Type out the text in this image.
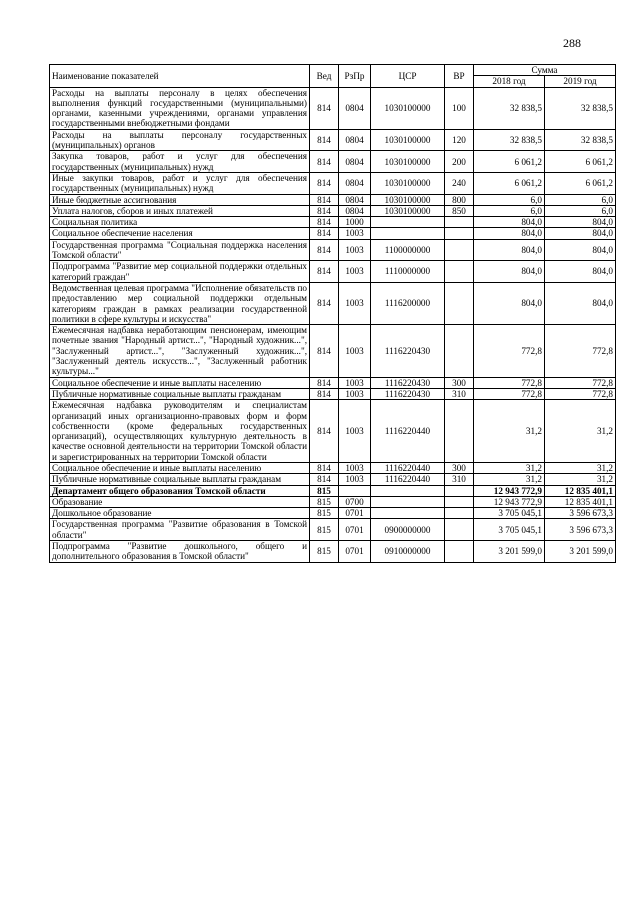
288
Наименование показателей	Вед	РзПр	ЦСР	ВР	Сумма	
					2018 год	2019 год
Расходы на выплаты персоналу в целях обеспечения выполнения функций государственными (муниципальными) органами, казенными учреждениями, органами управления государственными внебюджетными фондами	814	0804	1030100000	100	32 838,5	32 838,5
Расходы на выплаты персоналу государственных (муниципальных) органов	814	0804	1030100000	120	32 838,5	32 838,5
Закупка товаров, работ и услуг для обеспечения государственных (муниципальных) нужд	814	0804	1030100000	200	6 061,2	6 061,2
Иные закупки товаров, работ и услуг для обеспечения государственных (муниципальных) нужд	814	0804	1030100000	240	6 061,2	6 061,2
Иные бюджетные ассигнования	814	0804	1030100000	800	6,0	6,0
Уплата налогов, сборов и иных платежей	814	0804	1030100000	850	6,0	6,0
Социальная политика	814	1000			804,0	804,0
Социальное обеспечение населения	814	1003			804,0	804,0
Государственная программа "Социальная поддержка населения Томской области"	814	1003	1100000000		804,0	804,0
Подпрограмма "Развитие мер социальной поддержки отдельных категорий граждан"	814	1003	1110000000		804,0	804,0
Ведомственная целевая программа "Исполнение обязательств по предоставлению мер социальной поддержки отдельным категориям граждан в рамках реализации государственной политики в сфере культуры и искусства"	814	1003	1116200000		804,0	804,0
Ежемесячная надбавка неработающим пенсионерам, имеющим почетные звания "Народный артист...", "Народный художник...", "Заслуженный артист...", "Заслуженный художник...", "Заслуженный деятель искусств...", "Заслуженный работник культуры..."	814	1003	1116220430		772,8	772,8
Социальное обеспечение и иные выплаты населению	814	1003	1116220430	300	772,8	772,8
Публичные нормативные социальные выплаты гражданам	814	1003	1116220430	310	772,8	772,8
Ежемесячная надбавка руководителям и специалистам организаций иных организационно-правовых форм и форм собственности (кроме федеральных государственных организаций), осуществляющих культурную деятельность в качестве основной деятельности на территории Томской области и зарегистрированных на территории Томской области	814	1003	1116220440		31,2	31,2
Социальное обеспечение и иные выплаты населению	814	1003	1116220440	300	31,2	31,2
Публичные нормативные социальные выплаты гражданам	814	1003	1116220440	310	31,2	31,2
Департамент общего образования Томской области	815				12 943 772,9	12 835 401,1
Образование	815	0700			12 943 772,9	12 835 401,1
Дошкольное образование	815	0701			3 705 045,1	3 596 673,3
Государственная программа "Развитие образования в Томской области"	815	0701	0900000000		3 705 045,1	3 596 673,3
Подпрограмма "Развитие дошкольного, общего и дополнительного образования в Томской области"	815	0701	0910000000		3 201 599,0	3 201 599,0
